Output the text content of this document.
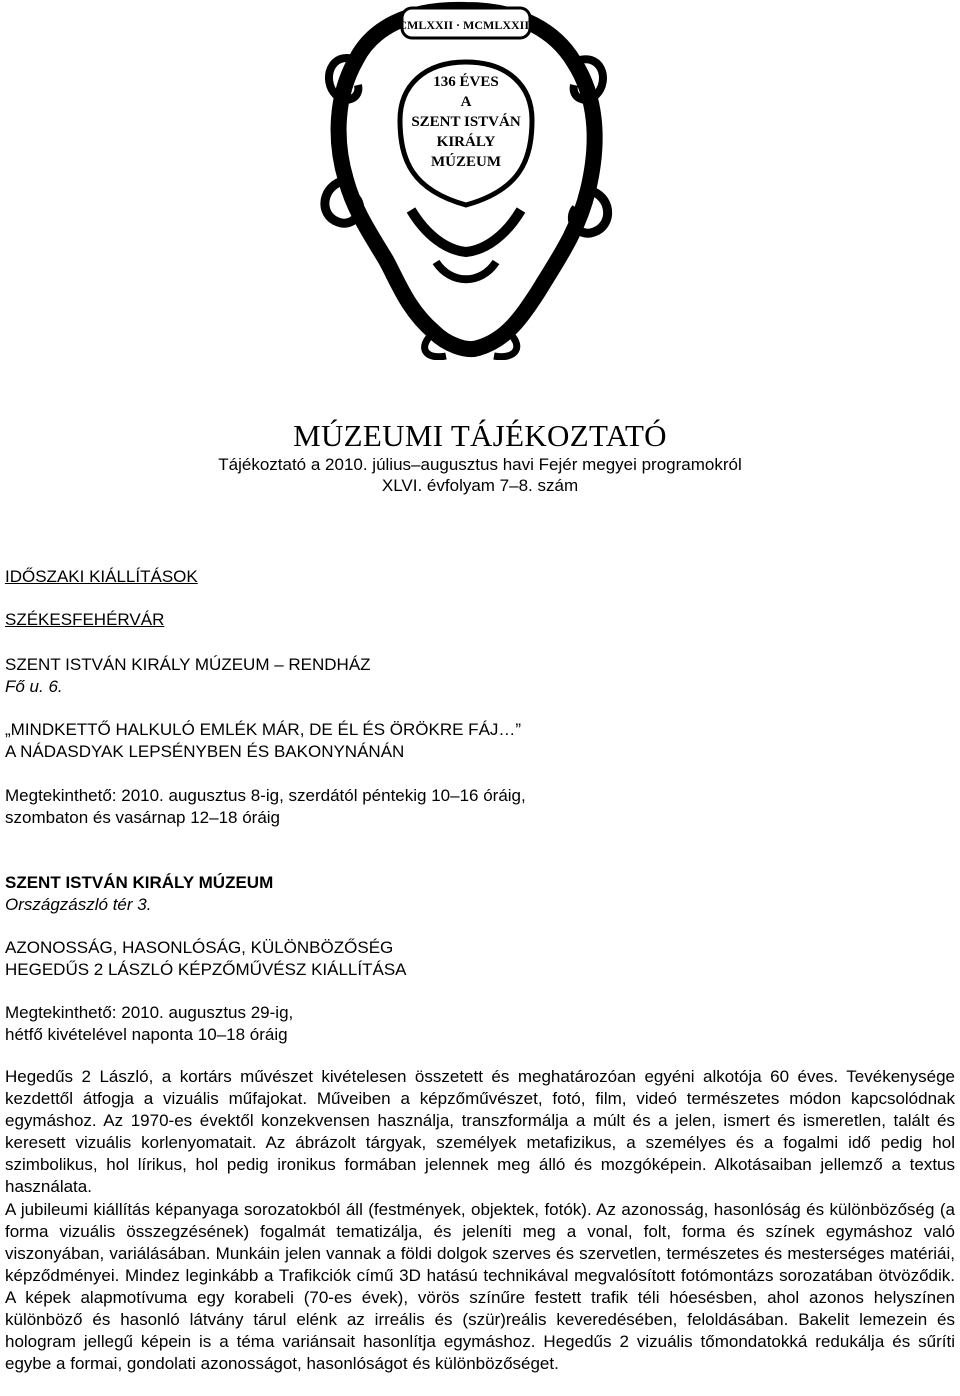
CMLXXII · MCMLXXIII
136 ÉVES
A
SZENT ISTVÁN
KIRÁLY
MÚZEUM
MÚZEUMI TÁJÉKOZTATÓ
Tájékoztató a 2010. július–augusztus havi Fejér megyei programokról
XLVI. évfolyam 7–8. szám
IDŐSZAKI KIÁLLÍTÁSOK
SZÉKESFEHÉRVÁR
SZENT ISTVÁN KIRÁLY MÚZEUM – RENDHÁZ
Fő u. 6.
„MINDKETTŐ HALKULÓ EMLÉK MÁR, DE ÉL ÉS ÖRÖKRE FÁJ…”
A NÁDASDYAK LEPSÉNYBEN ÉS BAKONYNÁNÁN
Megtekinthető: 2010. augusztus 8-ig, szerdától péntekig 10–16 óráig,
szombaton és vasárnap 12–18 óráig
SZENT ISTVÁN KIRÁLY MÚZEUM
Országzászló tér 3.
AZONOSSÁG, HASONLÓSÁG, KÜLÖNBÖZŐSÉG
HEGEDŰS 2 LÁSZLÓ KÉPZŐMŰVÉSZ KIÁLLÍTÁSA
Megtekinthető: 2010. augusztus 29-ig,
hétfő kivételével naponta 10–18 óráig

Hegedűs 2 László, a kortárs művészet kivételesen összetett és meghatározóan egyéni alkotója 60 éves. Tevékenysége kezdettől átfogja a vizuális műfajokat. Műveiben a képzőművészet, fotó, film, videó természetes módon kapcsolódnak egymáshoz. Az 1970-es évektől konzekvensen használja, transzformálja a múlt és a jelen, ismert és ismeretlen, talált és keresett vizuális korlenyomatait. Az ábrázolt tárgyak, személyek metafizikus, a személyes és a fogalmi idő pedig hol szimbolikus, hol lírikus, hol pedig ironikus formában jelennek meg álló és mozgóképein. Alkotásaiban jellemző a textus használata.

A jubileumi kiállítás képanyaga sorozatokból áll (festmények, objektek, fotók). Az azonosság, hasonlóság és különbözőség (a forma vizuális összegzésének) fogalmát tematizálja, és jeleníti meg a vonal, folt, forma és színek egymáshoz való viszonyában, variálásában. Munkáin jelen vannak a földi dolgok szerves és szervetlen, természetes és mesterséges matériái, képződményei. Mindez leginkább a Trafikciók című 3D hatású technikával megvalósított fotómontázs sorozatában ötvöződik. A képek alapmotívuma egy korabeli (70-es évek), vörös színűre festett trafik téli hóesésben, ahol azonos helyszínen különböző és hasonló látvány tárul elénk az irreális és (szür)reális keveredésében, feloldásában. Bakelit lemezein és hologram jellegű képein is a téma variánsait hasonlítja egymáshoz. Hegedűs 2 vizuális tőmondatokká redukálja és sűríti egybe a formai, gondolati azonosságot, hasonlóságot és különbözőséget.
